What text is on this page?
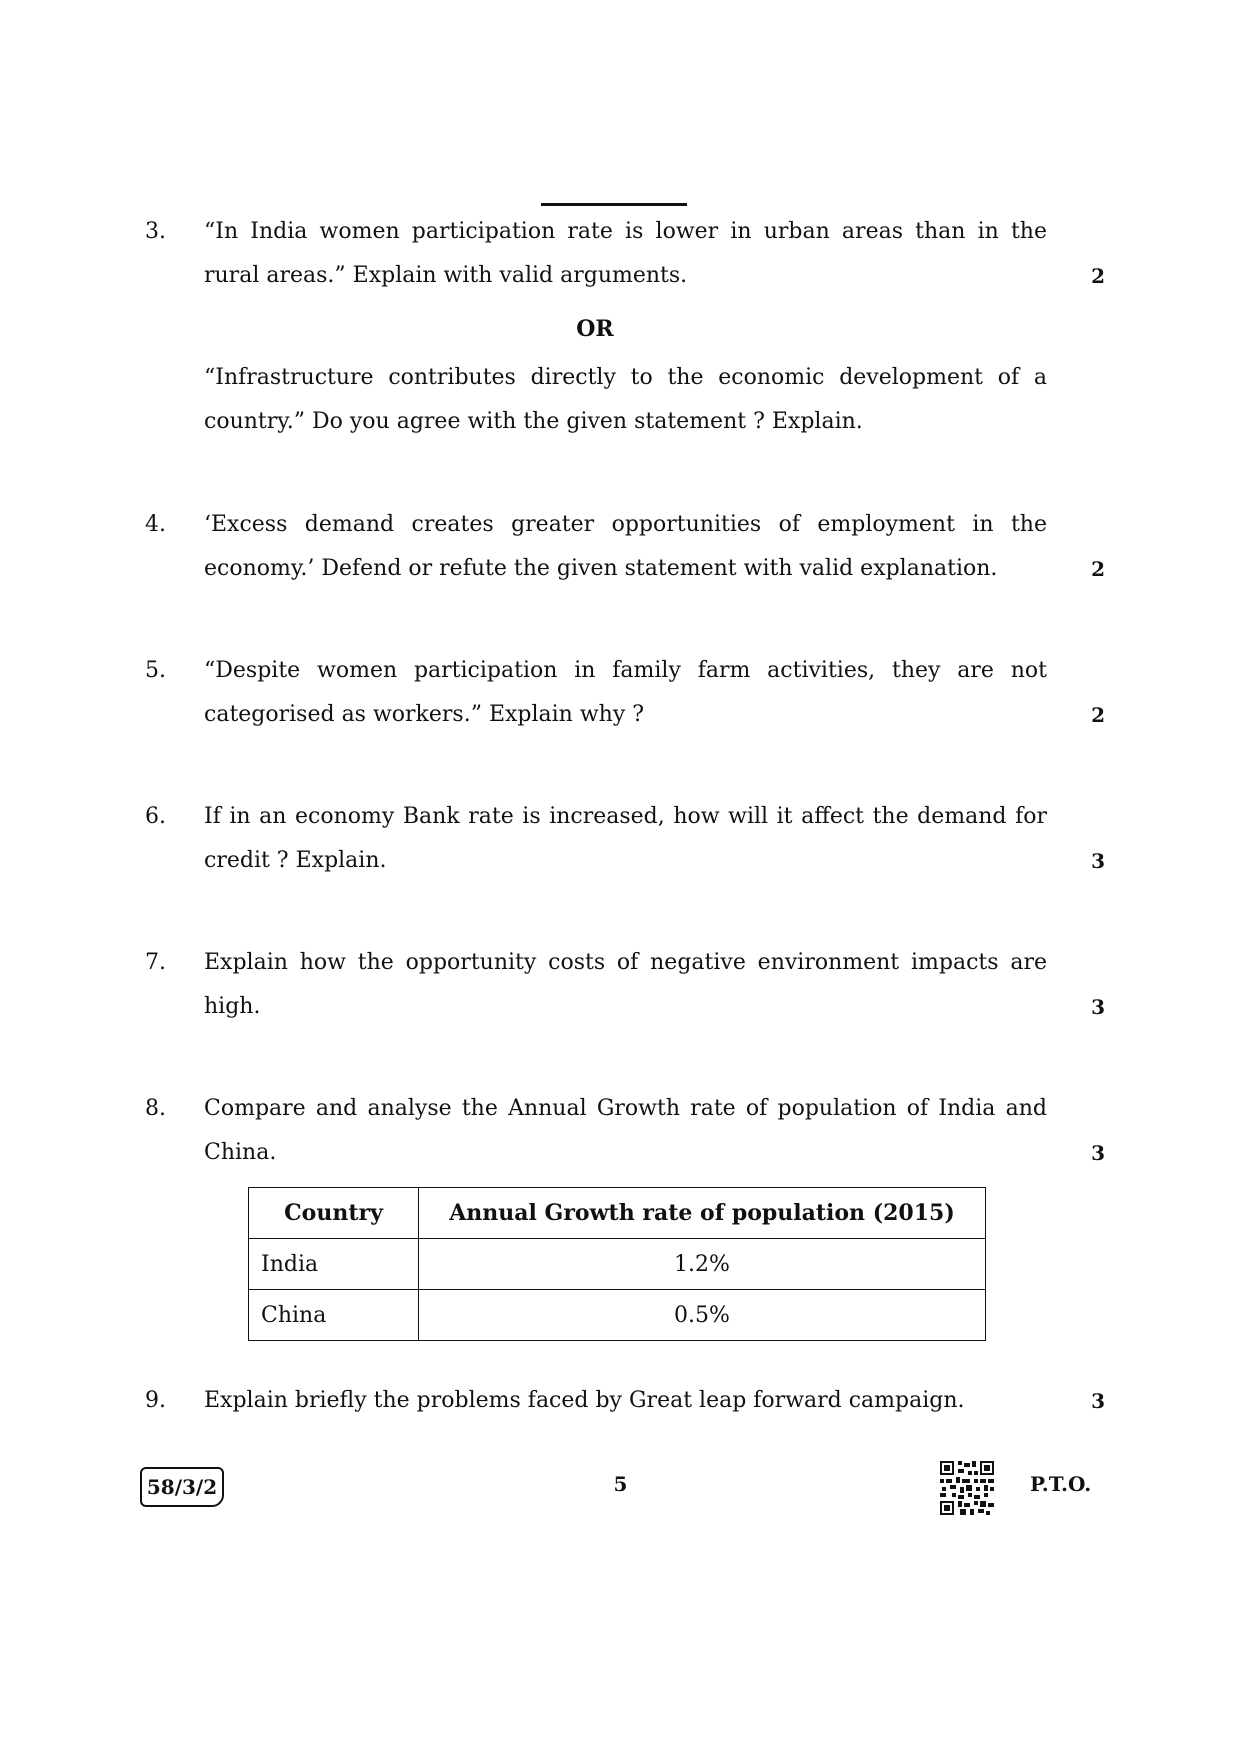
3. “In India women participation rate is lower in urban areas than in the
rural areas.” Explain with valid arguments.	2
OR
“Infrastructure contributes directly to the economic development of a
country.” Do you agree with the given statement ? Explain.
4. ‘Excess demand creates greater opportunities of employment in the
economy.’ Defend or refute the given statement with valid explanation.	2
5. “Despite women participation in family farm activities, they are not
categorised as workers.” Explain why ?	2
6. If in an economy Bank rate is increased, how will it affect the demand for
credit ? Explain.	3
7. Explain how the opportunity costs of negative environment impacts are
high.	3
8. Compare and analyse the Annual Growth rate of population of India and
China.	3
Country	Annual Growth rate of population (2015)
India	1.2%
China	0.5%
9. Explain briefly the problems faced by Great leap forward campaign.	3
58/3/2	5	P.T.O.
